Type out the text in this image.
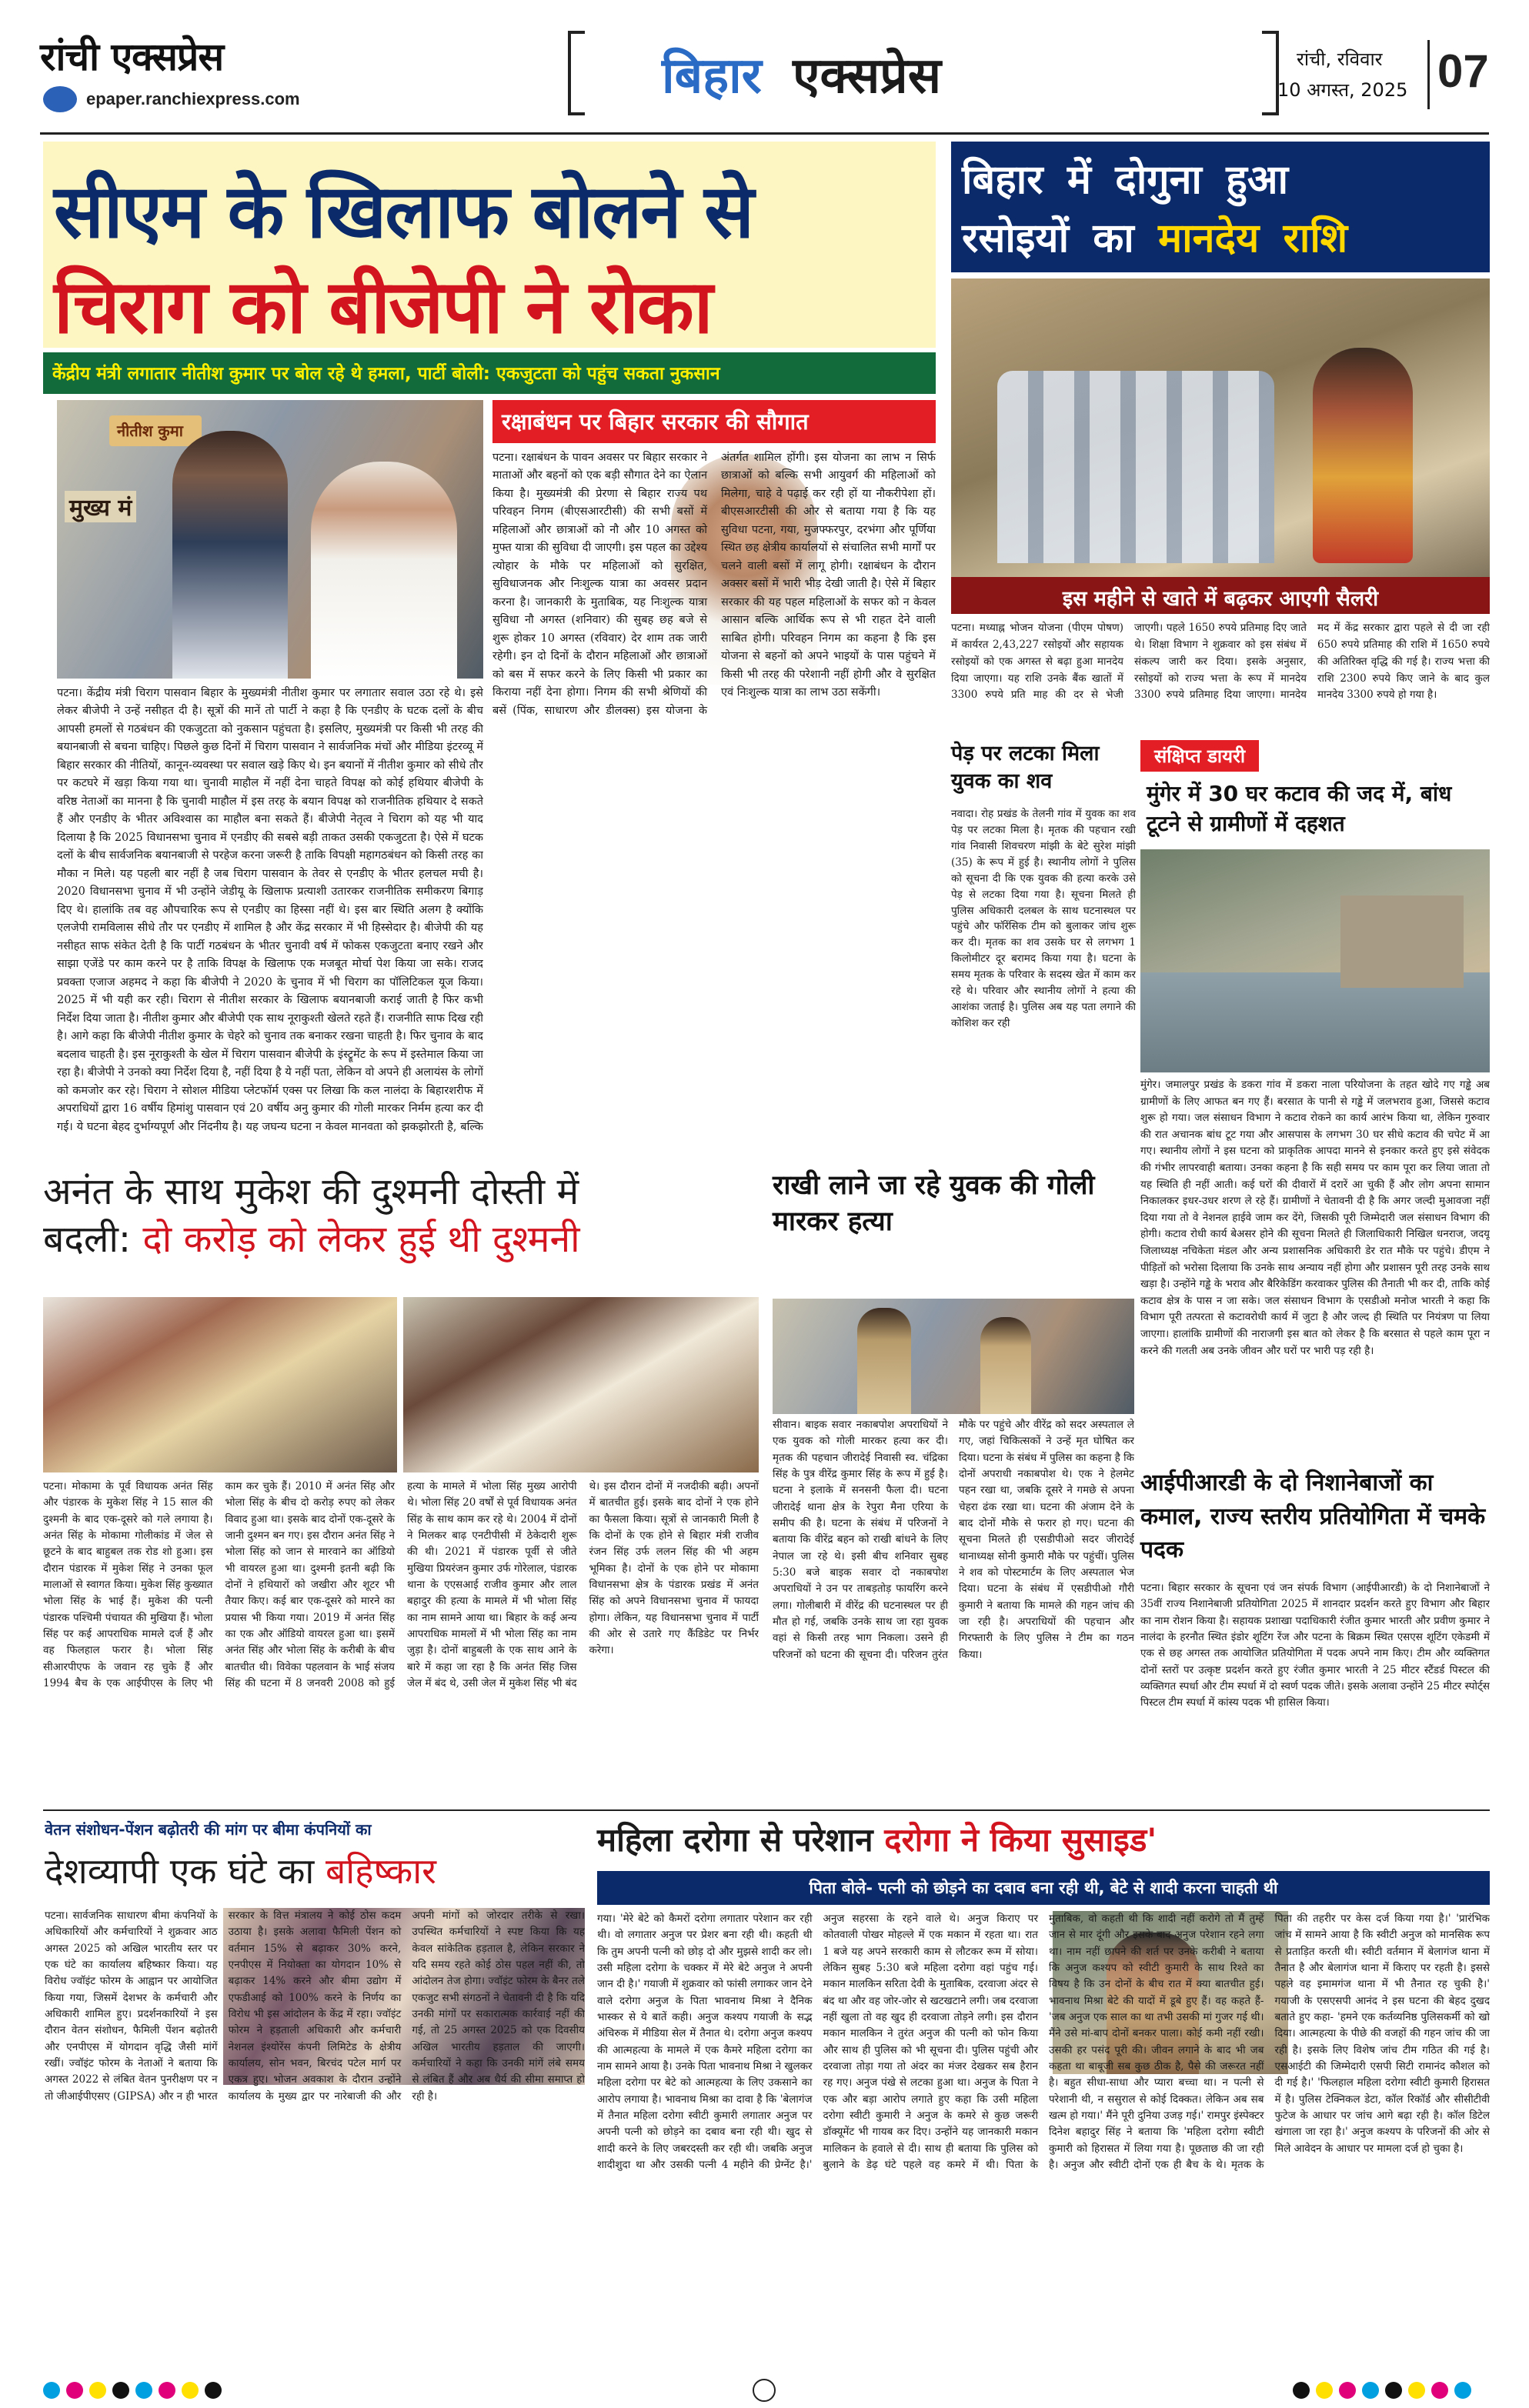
रांची एक्सप्रेस
epaper.ranchiexpress.com	बिहार एक्सप्रेस	रांची, रविवार
10 अगस्त, 2025 07
सीएम के खिलाफ बोलने से
चिराग को बीजेपी ने रोका
केंद्रीय मंत्री लगातार नीतीश कुमार पर बोल रहे थे हमला, पार्टी बोली: एकजुटता को पहुंच सकता नुकसान
नीतीश कुमा
मुख्य मं
पटना। केंद्रीय मंत्री चिराग पासवान बिहार के मुख्यमंत्री नीतीश कुमार पर लगातार सवाल उठा रहे थे। इसे लेकर बीजेपी ने उन्हें नसीहत दी है। सूत्रों की मानें तो पार्टी ने कहा है कि एनडीए के घटक दलों के बीच आपसी हमलों से गठबंधन की एकजुटता को नुकसान पहुंचता है। इसलिए, मुख्यमंत्री पर किसी भी तरह की बयानबाजी से बचना चाहिए। पिछले कुछ दिनों में चिराग पासवान ने सार्वजनिक मंचों और मीडिया इंटरव्यू में बिहार सरकार की नीतियों, कानून-व्यवस्था पर सवाल खड़े किए थे। इन बयानों में नीतीश कुमार को सीधे तौर पर कटघरे में खड़ा किया गया था। चुनावी माहौल में नहीं देना चाहते विपक्ष को कोई हथियार बीजेपी के वरिष्ठ नेताओं का मानना है कि चुनावी माहौल में इस तरह के बयान विपक्ष को राजनीतिक हथियार दे सकते हैं और एनडीए के भीतर अविश्वास का माहौल बना सकते हैं। बीजेपी नेतृत्व ने चिराग को यह भी याद दिलाया है कि 2025 विधानसभा चुनाव में एनडीए की सबसे बड़ी ताकत उसकी एकजुटता है। ऐसे में घटक दलों के बीच सार्वजनिक बयानबाजी से परहेज करना जरूरी है ताकि विपक्षी महागठबंधन को किसी तरह का मौका न मिले। यह पहली बार नहीं है जब चिराग पासवान के तेवर से एनडीए के भीतर हलचल मची है। 2020 विधानसभा चुनाव में भी उन्होंने जेडीयू के खिलाफ प्रत्याशी उतारकर राजनीतिक समीकरण बिगाड़ दिए थे। हालांकि तब वह औपचारिक रूप से एनडीए का हिस्सा नहीं थे। इस बार स्थिति अलग है क्योंकि एलजेपी रामविलास सीधे तौर पर एनडीए में शामिल है और केंद्र सरकार में भी हिस्सेदार है। बीजेपी की यह नसीहत साफ संकेत देती है कि पार्टी गठबंधन के भीतर चुनावी वर्ष में फोकस एकजुटता बनाए रखने और साझा एजेंडे पर काम करने पर है ताकि विपक्ष के खिलाफ एक मजबूत मोर्चा पेश किया जा सके। राजद प्रवक्ता एजाज अहमद ने कहा कि बीजेपी ने 2020 के चुनाव में भी चिराग का पॉलिटिकल यूज किया। 2025 में भी यही कर रही। चिराग से नीतीश सरकार के खिलाफ बयानबाजी कराई जाती है फिर कभी निर्देश दिया जाता है। नीतीश कुमार और बीजेपी एक साथ नूराकुश्ती खेलते रहते हैं। राजनीति साफ दिख रही है। आगे कहा कि बीजेपी नीतीश कुमार के चेहरे को चुनाव तक बनाकर रखना चाहती है। फिर चुनाव के बाद बदलाव चाहती है। इस नूराकुश्ती के खेल में चिराग पासवान बीजेपी के इंस्ट्रूमेंट के रूप में इस्तेमाल किया जा रहा है। बीजेपी ने उनको क्या निर्देश दिया है, नहीं दिया है ये नहीं पता, लेकिन वो अपने ही अलायंस के लोगों को कमजोर कर रहे। चिराग ने सोशल मीडिया प्लेटफॉर्म एक्स पर लिखा कि कल नालंदा के बिहारशरीफ में अपराधियों द्वारा 16 वर्षीय हिमांशु पासवान एवं 20 वर्षीय अनु कुमार की गोली मारकर निर्मम हत्या कर दी गई। ये घटना बेहद दुर्भाग्यपूर्ण और निंदनीय है। यह जघन्य घटना न केवल मानवता को झकझोरती है, बल्कि
रक्षाबंधन पर बिहार सरकार की सौगात
पटना। रक्षाबंधन के पावन अवसर पर बिहार सरकार ने माताओं और बहनों को एक बड़ी सौगात देने का ऐलान किया है। मुख्यमंत्री की प्रेरणा से बिहार राज्य पथ परिवहन निगम (बीएसआरटीसी) की सभी बसों में महिलाओं और छात्राओं को नौ और 10 अगस्त को मुफ्त यात्रा की सुविधा दी जाएगी। इस पहल का उद्देश्य त्योहार के मौके पर महिलाओं को सुरक्षित, सुविधाजनक और निःशुल्क यात्रा का अवसर प्रदान करना है। जानकारी के मुताबिक, यह निःशुल्क यात्रा सुविधा नौ अगस्त (शनिवार) की सुबह छह बजे से शुरू होकर 10 अगस्त (रविवार) देर शाम तक जारी रहेगी। इन दो दिनों के दौरान महिलाओं और छात्राओं को बस में सफर करने के लिए किसी भी प्रकार का किराया नहीं देना होगा। निगम की सभी श्रेणियों की बसें (पिंक, साधारण और डीलक्स) इस योजना के अंतर्गत शामिल होंगी। इस योजना का लाभ न सिर्फ छात्राओं को बल्कि सभी आयुवर्ग की महिलाओं को मिलेगा, चाहे वे पढ़ाई कर रही हों या नौकरीपेशा हों। बीएसआरटीसी की ओर से बताया गया है कि यह सुविधा पटना, गया, मुजफ्फरपुर, दरभंगा और पूर्णिया स्थित छह क्षेत्रीय कार्यालयों से संचालित सभी मार्गों पर चलने वाली बसों में लागू होगी। रक्षाबंधन के दौरान अक्सर बसों में भारी भीड़ देखी जाती है। ऐसे में बिहार सरकार की यह पहल महिलाओं के सफर को न केवल आसान बल्कि आर्थिक रूप से भी राहत देने वाली साबित होगी। परिवहन निगम का कहना है कि इस योजना से बहनों को अपने भाइयों के पास पहुंचने में किसी भी तरह की परेशानी नहीं होगी और वे सुरक्षित एवं निःशुल्क यात्रा का लाभ उठा सकेंगी।
बिहार में दोगुना हुआ
रसोइयों का मानदेय राशि
इस महीने से खाते में बढ़कर आएगी सैलरी
पटना। मध्याह्न भोजन योजना (पीएम पोषण) में कार्यरत 2,43,227 रसोइयों और सहायक रसोइयों को एक अगस्त से बढ़ा हुआ मानदेय दिया जाएगा। यह राशि उनके बैंक खातों में 3300 रुपये प्रति माह की दर से भेजी जाएगी। पहले 1650 रुपये प्रतिमाह दिए जाते थे। शिक्षा विभाग ने शुक्रवार को इस संबंध में संकल्प जारी कर दिया। इसके अनुसार, रसोइयों को राज्य भत्ता के रूप में मानदेय 3300 रुपये प्रतिमाह दिया जाएगा। मानदेय मद में केंद्र सरकार द्वारा पहले से दी जा रही 650 रुपये प्रतिमाह की राशि में 1650 रुपये की अतिरिक्त वृद्धि की गई है। राज्य भत्ता की राशि 2300 रुपये किए जाने के बाद कुल मानदेय 3300 रुपये हो गया है।
पेड़ पर लटका मिला युवक का शव
नवादा। रोह प्रखंड के तेलनी गांव में युवक का शव पेड़ पर लटका मिला है। मृतक की पहचान रखी गांव निवासी शिवचरण मांझी के बेटे सुरेश मांझी (35) के रूप में हुई है। स्थानीय लोगों ने पुलिस को सूचना दी कि एक युवक की हत्या करके उसे पेड़ से लटका दिया गया है। सूचना मिलते ही पुलिस अधिकारी दलबल के साथ घटनास्थल पर पहुंचे और फॉरेंसिक टीम को बुलाकर जांच शुरू कर दी। मृतक का शव उसके घर से लगभग 1 किलोमीटर दूर बरामद किया गया है। घटना के समय मृतक के परिवार के सदस्य खेत में काम कर रहे थे। परिवार और स्थानीय लोगों ने हत्या की आशंका जताई है। पुलिस अब यह पता लगाने की कोशिश कर रही
संक्षिप्त डायरी
मुंगेर में 30 घर कटाव की जद में, बांध टूटने से ग्रामीणों में दहशत
मुंगेर। जमालपुर प्रखंड के डकरा गांव में डकरा नाला परियोजना के तहत खोदे गए गड्ढे अब ग्रामीणों के लिए आफत बन गए हैं। बरसात के पानी से गड्ढे में जलभराव हुआ, जिससे कटाव शुरू हो गया। जल संसाधन विभाग ने कटाव रोकने का कार्य आरंभ किया था, लेकिन गुरुवार की रात अचानक बांध टूट गया और आसपास के लगभग 30 घर सीधे कटाव की चपेट में आ गए। स्थानीय लोगों ने इस घटना को प्राकृतिक आपदा मानने से इनकार करते हुए इसे संवेदक की गंभीर लापरवाही बताया। उनका कहना है कि सही समय पर काम पूरा कर लिया जाता तो यह स्थिति ही नहीं आती। कई घरों की दीवारों में दरारें आ चुकी हैं और लोग अपना सामान निकालकर इधर-उधर शरण ले रहे हैं। ग्रामीणों ने चेतावनी दी है कि अगर जल्दी मुआवजा नहीं दिया गया तो वे नेशनल हाईवे जाम कर देंगे, जिसकी पूरी जिम्मेदारी जल संसाधन विभाग की होगी। कटाव रोधी कार्य बेअसर होने की सूचना मिलते ही जिलाधिकारी निखिल धनराज, जदयू जिलाध्यक्ष नचिकेता मंडल और अन्य प्रशासनिक अधिकारी डेर रात मौके पर पहुंचे। डीएम ने पीड़ितों को भरोसा दिलाया कि उनके साथ अन्याय नहीं होगा और प्रशासन पूरी तरह उनके साथ खड़ा है। उन्होंने गड्ढे के भराव और बैरिकेडिंग करवाकर पुलिस की तैनाती भी कर दी, ताकि कोई कटाव क्षेत्र के पास न जा सके। जल संसाधन विभाग के एसडीओ मनोज भारती ने कहा कि विभाग पूरी तत्परता से कटावरोधी कार्य में जुटा है और जल्द ही स्थिति पर नियंत्रण पा लिया जाएगा। हालांकि ग्रामीणों की नाराजगी इस बात को लेकर है कि बरसात से पहले काम पूरा न करने की गलती अब उनके जीवन और घरों पर भारी पड़ रही है।
आईपीआरडी के दो निशानेबाजों का कमाल, राज्य स्तरीय प्रतियोगिता में चमके पदक
पटना। बिहार सरकार के सूचना एवं जन संपर्क विभाग (आईपीआरडी) के दो निशानेबाजों ने 35वीं राज्य निशानेबाजी प्रतियोगिता 2025 में शानदार प्रदर्शन करते हुए विभाग और बिहार का नाम रोशन किया है। सहायक प्रशाखा पदाधिकारी रंजीत कुमार भारती और प्रवीण कुमार ने नालंदा के हरनौत स्थित इंडोर शूटिंग रेंज और पटना के बिक्रम स्थित एसएस शूटिंग एकेडमी में एक से छह अगस्त तक आयोजित प्रतियोगिता में पदक अपने नाम किए। टीम और व्यक्तिगत दोनों स्तरों पर उत्कृष्ट प्रदर्शन करते हुए रंजीत कुमार भारती ने 25 मीटर स्टैंडर्ड पिस्टल की व्यक्तिगत स्पर्धा और टीम स्पर्धा में दो स्वर्ण पदक जीते। इसके अलावा उन्होंने 25 मीटर स्पोर्ट्स पिस्टल टीम स्पर्धा में कांस्य पदक भी हासिल किया।
अनंत के साथ मुकेश की दुश्मनी दोस्ती में
बदली: दो करोड़ को लेकर हुई थी दुश्मनी
पटना। मोकामा के पूर्व विधायक अनंत सिंह और पंडारक के मुकेश सिंह ने 15 साल की दुश्मनी के बाद एक-दूसरे को गले लगाया है। अनंत सिंह के मोकामा गोलीकांड में जेल से छूटने के बाद बाहुबल तक रोड शो हुआ। इस दौरान पंडारक में मुकेश सिंह ने उनका फूल मालाओं से स्वागत किया। मुकेश सिंह कुख्यात भोला सिंह के भाई हैं। मुकेश की पत्नी पंडारक पश्चिमी पंचायत की मुखिया हैं। भोला सिंह पर कई आपराधिक मामले दर्ज हैं और वह फिलहाल फरार है। भोला सिंह सीआरपीएफ के जवान रह चुके हैं और 1994 बैच के एक आईपीएस के लिए भी काम कर चुके हैं। 2010 में अनंत सिंह और भोला सिंह के बीच दो करोड़ रुपए को लेकर विवाद हुआ था। इसके बाद दोनों एक-दूसरे के जानी दुश्मन बन गए। इस दौरान अनंत सिंह ने भोला सिंह को जान से मारवाने का ऑडियो भी वायरल हुआ था। दुश्मनी इतनी बढ़ी कि दोनों ने हथियारों को जखीरा और शूटर भी तैयार किए। कई बार एक-दूसरे को मारने का प्रयास भी किया गया। 2019 में अनंत सिंह का एक और ऑडियो वायरल हुआ था। इसमें अनंत सिंह और भोला सिंह के करीबी के बीच बातचीत थी। विवेका पहलवान के भाई संजय सिंह की घटना में 8 जनवरी 2008 को हुई हत्या के मामले में भोला सिंह मुख्य आरोपी थे। भोला सिंह 20 वर्षों से पूर्व विधायक अनंत सिंह के साथ काम कर रहे थे। 2004 में दोनों ने मिलकर बाढ़ एनटीपीसी में ठेकेदारी शुरू की थी। 2021 में पंडारक पूर्वी से जीते मुखिया प्रियरंजन कुमार उर्फ गोरेलाल, पंडारक थाना के एएसआई राजीव कुमार और लाल बहादुर की हत्या के मामले में भी भोला सिंह का नाम सामने आया था। बिहार के कई अन्य आपराधिक मामलों में भी भोला सिंह का नाम जुड़ा है। दोनों बाहुबली के एक साथ आने के बारे में कहा जा रहा है कि अनंत सिंह जिस जेल में बंद थे, उसी जेल में मुकेश सिंह भी बंद थे। इस दौरान दोनों में नजदीकी बढ़ी। अपनों में बातचीत हुई। इसके बाद दोनों ने एक होने का फैसला किया। सूत्रों से जानकारी मिली है कि दोनों के एक होने से बिहार मंत्री राजीव रंजन सिंह उर्फ ललन सिंह की भी अहम भूमिका है। दोनों के एक होने पर मोकामा विधानसभा क्षेत्र के पंडारक प्रखंड में अनंत सिंह को अपने विधानसभा चुनाव में फायदा होगा। लेकिन, यह विधानसभा चुनाव में पार्टी की ओर से उतारे गए कैंडिडेट पर निर्भर करेगा।
राखी लाने जा रहे युवक की गोली मारकर हत्या
सीवान। बाइक सवार नकाबपोश अपराधियों ने एक युवक को गोली मारकर हत्या कर दी। मृतक की पहचान जीरादेई निवासी स्व. चंद्रिका सिंह के पुत्र वीरेंद्र कुमार सिंह के रूप में हुई है। घटना ने इलाके में सनसनी फैला दी। घटना जीरादेई थाना क्षेत्र के रेपुरा मैना एरिया के समीप की है। घटना के संबंध में परिजनों ने बताया कि वीरेंद्र बहन को राखी बांधने के लिए नेपाल जा रहे थे। इसी बीच शनिवार सुबह 5:30 बजे बाइक सवार दो नकाबपोश अपराधियों ने उन पर ताबड़तोड़ फायरिंग करने लगा। गोलीबारी में वीरेंद्र की घटनास्थल पर ही मौत हो गई, जबकि उनके साथ जा रहा युवक वहां से किसी तरह भाग निकला। उसने ही परिजनों को घटना की सूचना दी। परिजन तुरंत मौके पर पहुंचे और वीरेंद्र को सदर अस्पताल ले गए, जहां चिकित्सकों ने उन्हें मृत घोषित कर दिया। घटना के संबंध में पुलिस का कहना है कि दोनों अपराधी नकाबपोश थे। एक ने हेलमेट पहन रखा था, जबकि दूसरे ने गमछे से अपना चेहरा ढंक रखा था। घटना की अंजाम देने के बाद दोनों मौके से फरार हो गए। घटना की सूचना मिलते ही एसडीपीओ सदर जीरादेई थानाध्यक्ष सोनी कुमारी मौके पर पहुंचीं। पुलिस ने शव को पोस्टमार्टम के लिए अस्पताल भेज दिया। घटना के संबंध में एसडीपीओ गौरी कुमारी ने बताया कि मामले की गहन जांच की जा रही है। अपराधियों की पहचान और गिरफ्तारी के लिए पुलिस ने टीम का गठन किया।
वेतन संशोधन-पेंशन बढ़ोतरी की मांग पर बीमा कंपनियों का
देशव्यापी एक घंटे का बहिष्कार
पटना। सार्वजनिक साधारण बीमा कंपनियों के अधिकारियों और कर्मचारियों ने शुक्रवार आठ अगस्त 2025 को अखिल भारतीय स्तर पर एक घंटे का कार्यालय बहिष्कार किया। यह विरोध ज्वॉइंट फोरम के आह्वान पर आयोजित किया गया, जिसमें देशभर के कर्मचारी और अधिकारी शामिल हुए। प्रदर्शनकारियों ने इस दौरान वेतन संशोधन, फैमिली पेंशन बढ़ोतरी और एनपीएस में योगदान वृद्धि जैसी मांगें रखीं। ज्वॉइंट फोरम के नेताओं ने बताया कि अगस्त 2022 से लंबित वेतन पुनरीक्षण पर न तो जीआईपीएसए (GIPSA) और न ही भारत सरकार के वित्त मंत्रालय ने कोई ठोस कदम उठाया है। इसके अलावा फैमिली पेंशन को वर्तमान 15% से बढ़ाकर 30% करने, एनपीएस में नियोक्ता का योगदान 10% से बढ़ाकर 14% करने और बीमा उद्योग में एफडीआई को 100% करने के निर्णय का विरोध भी इस आंदोलन के केंद्र में रहा। ज्वॉइंट फोरम ने हड़ताली अधिकारी और कर्मचारी नेशनल इंश्योरेंस कंपनी लिमिटेड के क्षेत्रीय कार्यालय, सोन भवन, बिरचंद पटेल मार्ग पर एकत्र हुए। भोजन अवकाश के दौरान उन्होंने कार्यालय के मुख्य द्वार पर नारेबाजी की और अपनी मांगों को जोरदार तरीके से रखा। उपस्थित कर्मचारियों ने स्पष्ट किया कि यह केवल सांकेतिक हड़ताल है, लेकिन सरकार ने यदि समय रहते कोई ठोस पहल नहीं की, तो आंदोलन तेज होगा। ज्वॉइंट फोरम के बैनर तले एकजुट सभी संगठनों ने चेतावनी दी है कि यदि उनकी मांगों पर सकारात्मक कार्रवाई नहीं की गई, तो 25 अगस्त 2025 को एक दिवसीय अखिल भारतीय हड़ताल की जाएगी। कर्मचारियों ने कहा कि उनकी मांगें लंबे समय से लंबित हैं और अब धैर्य की सीमा समाप्त हो रही है।
महिला दरोगा से परेशान दरोगा ने किया सुसाइड'
पिता बोले- पत्नी को छोड़ने का दबाव बना रही थी, बेटे से शादी करना चाहती थी
गया। 'मेरे बेटे को कैमरों दरोगा लगातार परेशान कर रही थी। वो लगातार अनुज पर प्रेशर बना रही थी। कहती थी कि तुम अपनी पत्नी को छोड़ दो और मुझसे शादी कर लो। उसी महिला दरोगा के चक्कर में मेरे बेटे अनुज ने अपनी जान दी है।' गयाजी में शुक्रवार को फांसी लगाकर जान देने वाले दरोगा अनुज के पिता भावनाथ मिश्रा ने दैनिक भास्कर से ये बातें कही। अनुज कश्यप गयाजी के सद्भ अंचिरुक में मीडिया सेल में तैनात थे। दरोगा अनुज कश्यप की आत्महत्या के मामले में एक कैमरे महिला दरोगा का नाम सामने आया है। उनके पिता भावनाथ मिश्रा ने खुलकर महिला दरोगा पर बेटे को आत्महत्या के लिए उकसाने का आरोप लगाया है। भावनाथ मिश्रा का दावा है कि 'बेलागंज में तैनात महिला दरोगा स्वीटी कुमारी लगातार अनुज पर अपनी पत्नी को छोड़ने का दबाव बना रही थी। खुद से शादी करने के लिए जबरदस्ती कर रही थी। जबकि अनुज शादीशुदा था और उसकी पत्नी 4 महीने की प्रेग्नेंट है।' अनुज सहरसा के रहने वाले थे। अनुज किराए पर कोतवाली पोखर मोहल्ले में एक मकान में रहता था। रात 1 बजे यह अपने सरकारी काम से लौटकर रूम में सोया। लेकिन सुबह 5:30 बजे महिला दरोगा वहां पहुंच गई। मकान मालकिन सरिता देवी के मुताबिक, दरवाजा अंदर से बंद था और वह जोर-जोर से खटखटाने लगी। जब दरवाजा नहीं खुला तो वह खुद ही दरवाजा तोड़ने लगी। इस दौरान मकान मालकिन ने तुरंत अनुज की पत्नी को फोन किया और साथ ही पुलिस को भी सूचना दी। पुलिस पहुंची और दरवाजा तोड़ा गया तो अंदर का मंजर देखकर सब हैरान रह गए। अनुज पंखे से लटका हुआ था। अनुज के पिता ने एक और बड़ा आरोप लगाते हुए कहा कि उसी महिला दरोगा स्वीटी कुमारी ने अनुज के कमरे से कुछ जरूरी डॉक्यूमेंट भी गायब कर दिए। उन्होंने यह जानकारी मकान मालिकन के हवाले से दी। साथ ही बताया कि पुलिस को बुलाने के डेढ़ घंटे पहले वह कमरे में थी। पिता के मुताबिक, वो कहती थी कि शादी नहीं करोगे तो मैं तुम्हें जान से मार दूंगी और इसके बाद अनुज परेशान रहने लगा था। नाम नहीं छापने की शर्त पर उनके करीबी ने बताया कि अनुज कश्यप को स्वीटी कुमारी के साथ रिश्ते का विषय है कि उन दोनों के बीच रात में क्या बातचीत हुई। भावनाथ मिश्रा बेटे की यादों में डूबे हुए हैं। वह कहते हैं- 'जब अनुज एक साल का था तभी उसकी मां गुजर गई थी। मैंने उसे मां-बाप दोनों बनकर पाला। कोई कमी नहीं रखी। उसकी हर पसंद पूरी की। जीवन लगाने के बाद भी जब कहता था बाबूजी सब कुछ ठीक है, पैसे की जरूरत नहीं है। बहुत सीधा-साधा और प्यारा बच्चा था। न पत्नी से परेशानी थी, न ससुराल से कोई दिक्कत। लेकिन अब सब खत्म हो गया।' मैंने पूरी दुनिया उजड़ गई।' रामपुर इंस्पेक्टर दिनेश बहादुर सिंह ने बताया कि 'महिला दरोगा स्वीटी कुमारी को हिरासत में लिया गया है। पूछताछ की जा रही है। अनुज और स्वीटी दोनों एक ही बैच के थे। मृतक के पिता की तहरीर पर केस दर्ज किया गया है।' 'प्रारंभिक जांच में सामने आया है कि स्वीटी अनुज को मानसिक रूप से प्रताड़ित करती थी। स्वीटी वर्तमान में बेलागंज थाना में तैनात है और बेलागंज थाना में किराए पर रहती है। इससे पहले वह इमामगंज थाना में भी तैनात रह चुकी है।' गयाजी के एसएसपी आनंद ने इस घटना की बेहद दुखद बताते हुए कहा- 'हमने एक कर्तव्यनिष्ठ पुलिसकर्मी को खो दिया। आत्महत्या के पीछे की वजहों की गहन जांच की जा रही है। इसके लिए विशेष जांच टीम गठित की गई है। एसआईटी की जिम्मेदारी एसपी सिटी रामानंद कौशल को दी गई है।' 'फिलहाल महिला दरोगा स्वीटी कुमारी हिरासत में है। पुलिस टेक्निकल डेटा, कॉल रिकॉर्ड और सीसीटीवी फुटेज के आधार पर जांच आगे बढ़ा रही है। कॉल डिटेल खंगाला जा रहा है।' अनुज कश्यप के परिजनों की ओर से मिले आवेदन के आधार पर मामला दर्ज हो चुका है।
